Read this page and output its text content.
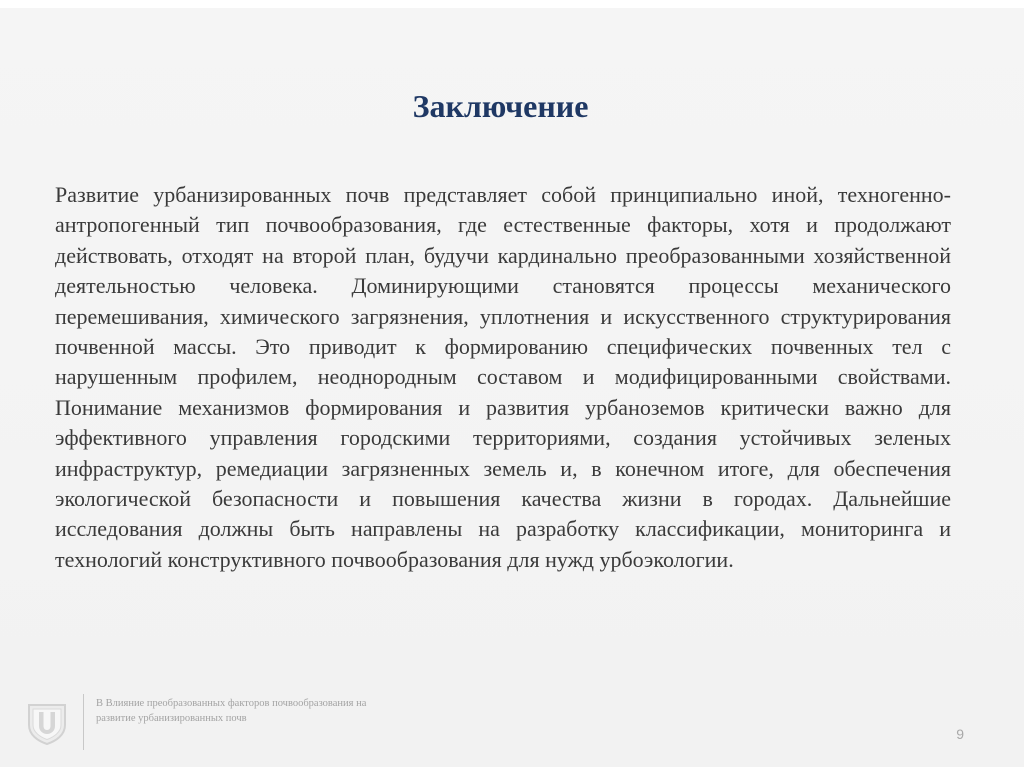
Заключение

Развитие урбанизированных почв представляет собой принципиально иной, техногенно-антропогенный тип почвообразования, где естественные факторы, хотя и продолжают действовать, отходят на второй план, будучи кардинально преобразованными хозяйственной деятельностью человека. Доминирующими становятся процессы механического перемешивания, химического загрязнения, уплотнения и искусственного структурирования почвенной массы. Это приводит к формированию специфических почвенных тел с нарушенным профилем, неоднородным составом и модифицированными свойствами. Понимание механизмов формирования и развития урбаноземов критически важно для эффективного управления городскими территориями, создания устойчивых зеленых инфраструктур, ремедиации загрязненных земель и, в конечном итоге, для обеспечения экологической безопасности и повышения качества жизни в городах. Дальнейшие исследования должны быть направлены на разработку классификации, мониторинга и технологий конструктивного почвообразования для нужд урбоэкологии.

В Влияние преобразованных факторов почвообразования на развитие урбанизированных почв

9
